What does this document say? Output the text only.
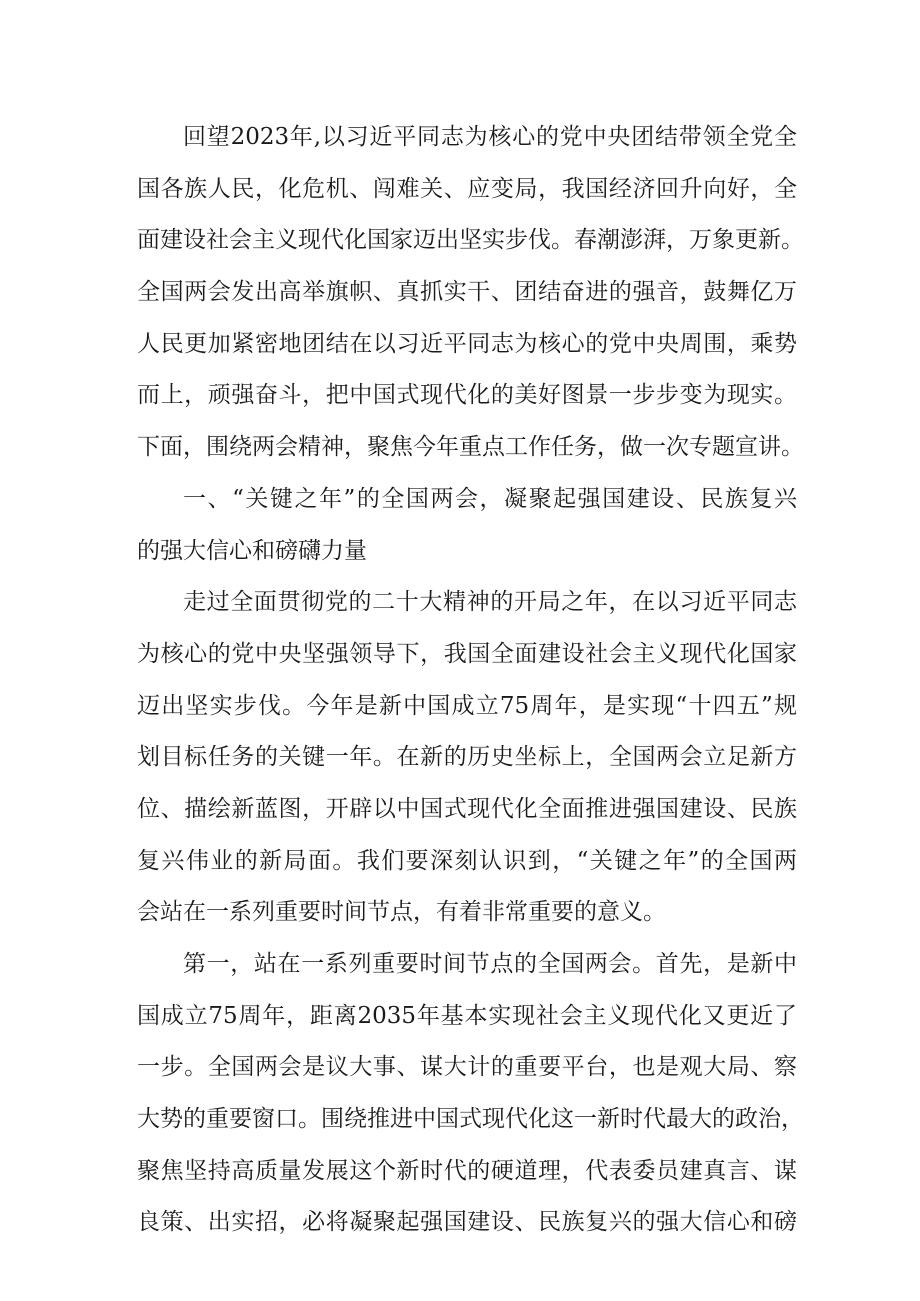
回望2023年,以习近平同志为核心的党中央团结带领全党全
国各族人民，化危机、闯难关、应变局，我国经济回升向好，全
面建设社会主义现代化国家迈出坚实步伐。春潮澎湃，万象更新。
全国两会发出高举旗帜、真抓实干、团结奋进的强音，鼓舞亿万
人民更加紧密地团结在以习近平同志为核心的党中央周围，乘势
而上，顽强奋斗，把中国式现代化的美好图景一步步变为现实。
下面，围绕两会精神，聚焦今年重点工作任务，做一次专题宣讲。
一、“关键之年”的全国两会，凝聚起强国建设、民族复兴
的强大信心和磅礴力量
走过全面贯彻党的二十大精神的开局之年，在以习近平同志
为核心的党中央坚强领导下，我国全面建设社会主义现代化国家
迈出坚实步伐。今年是新中国成立75周年，是实现“十四五”规
划目标任务的关键一年。在新的历史坐标上，全国两会立足新方
位、描绘新蓝图，开辟以中国式现代化全面推进强国建设、民族
复兴伟业的新局面。我们要深刻认识到，“关键之年”的全国两
会站在一系列重要时间节点，有着非常重要的意义。
第一，站在一系列重要时间节点的全国两会。首先，是新中
国成立75周年，距离2035年基本实现社会主义现代化又更近了
一步。全国两会是议大事、谋大计的重要平台，也是观大局、察
大势的重要窗口。围绕推进中国式现代化这一新时代最大的政治，
聚焦坚持高质量发展这个新时代的硬道理，代表委员建真言、谋
良策、出实招，必将凝聚起强国建设、民族复兴的强大信心和磅
